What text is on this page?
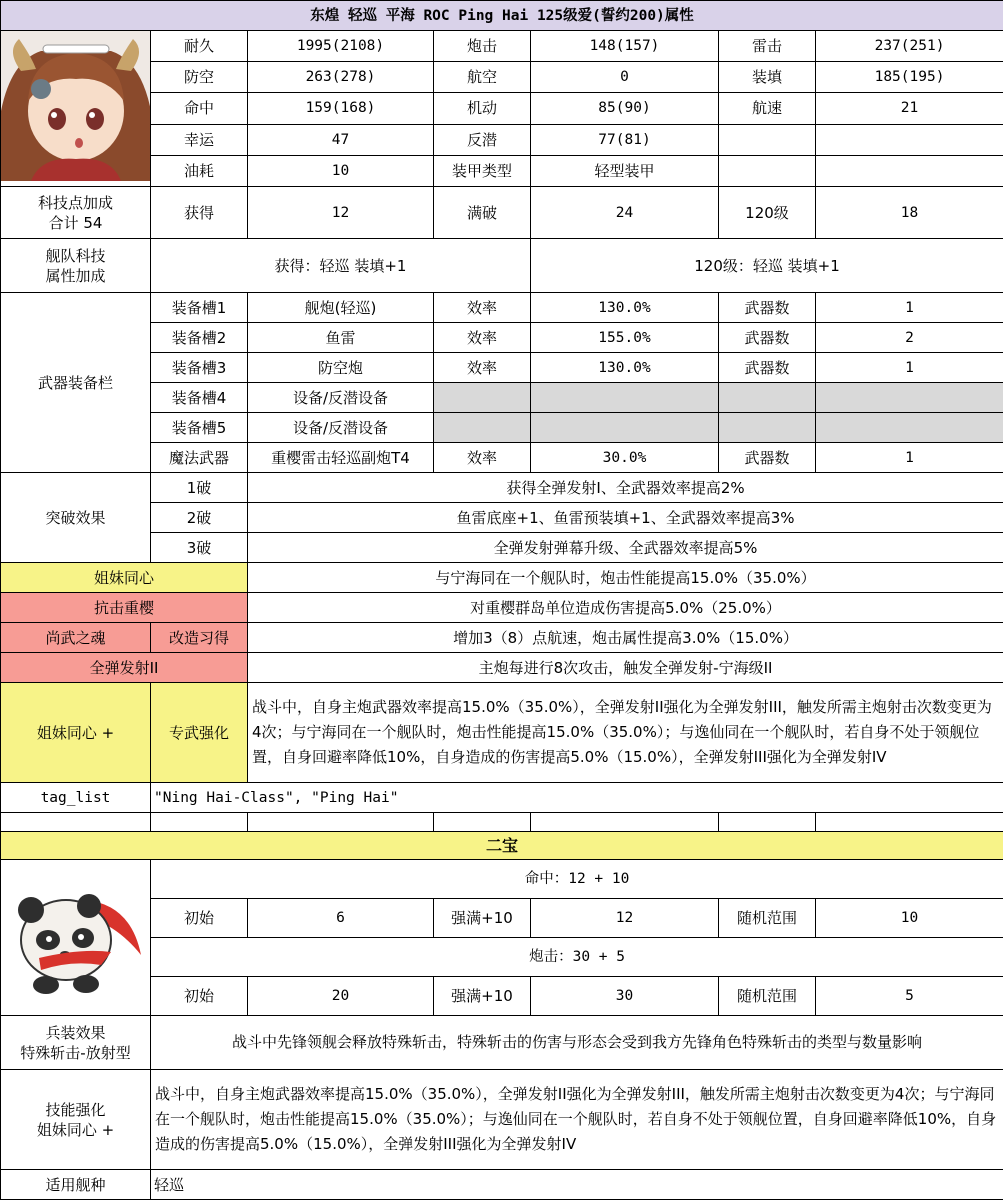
东煌 轻巡 平海 ROC Ping Hai 125级爱(誓约200)属性						
	耐久	1995(2108)	炮击	148(157)	雷击	237(251)
	防空	263(278)	航空	0	装填	185(195)
	命中	159(168)	机动	85(90)	航速	21
	幸运	47	反潜	77(81)		
	油耗	10	装甲类型	轻型装甲		

科技点加成
合计 54	获得	12	满破	24	120级	18

舰队科技
属性加成	获得：轻巡 装填+1			120级：轻巡 装填+1		
武器装备栏	装备槽1	舰炮(轻巡)	效率	130.0%	武器数	1
	装备槽2	鱼雷	效率	155.0%	武器数	2
	装备槽3	防空炮	效率	130.0%	武器数	1
	装备槽4	设备/反潜设备				
	装备槽5	设备/反潜设备				
	魔法武器	重樱雷击轻巡副炮T4	效率	30.0%	武器数	1
突破效果	1破	获得全弹发射I、全武器效率提高2%				
	2破	鱼雷底座+1、鱼雷预装填+1、全武器效率提高3%				
	3破	全弹发射弹幕升级、全武器效率提高5%				
姐妹同心		与宁海同在一个舰队时，炮击性能提高15.0%（35.0%）				
抗击重樱		对重樱群岛单位造成伤害提高5.0%（25.0%）				
尚武之魂	改造习得	增加3（8）点航速，炮击属性提高3.0%（15.0%）				
全弹发射II		主炮每进行8次攻击，触发全弹发射-宁海级II				
姐妹同心 +	专武强化	战斗中，自身主炮武器效率提高15.0%（35.0%），全弹发射II强化为全弹发射III，触发所需主炮射击次数变更为4次；与宁海同在一个舰队时，炮击性能提高15.0%（35.0%）；与逸仙同在一个舰队时，若自身不处于领舰位置，自身回避率降低10%，自身造成的伤害提高5.0%（15.0%），全弹发射III强化为全弹发射IV				
tag_list	"Ning Hai-Class", "Ping Hai"					

二宝						
	命中：12 + 10					
	初始	6	强满+10	12	随机范围	10
	炮击：30 + 5					
	初始	20	强满+10	30	随机范围	5

兵装效果
特殊斩击-放射型	战斗中先锋领舰会释放特殊斩击，特殊斩击的伤害与形态会受到我方先锋角色特殊斩击的类型与数量影响					

技能强化
姐妹同心 +	战斗中，自身主炮武器效率提高15.0%（35.0%），全弹发射II强化为全弹发射III，触发所需主炮射击次数变更为4次；与宁海同在一个舰队时，炮击性能提高15.0%（35.0%）；与逸仙同在一个舰队时，若自身不处于领舰位置，自身回避率降低10%，自身造成的伤害提高5.0%（15.0%），全弹发射III强化为全弹发射IV					
适用舰种	轻巡					
